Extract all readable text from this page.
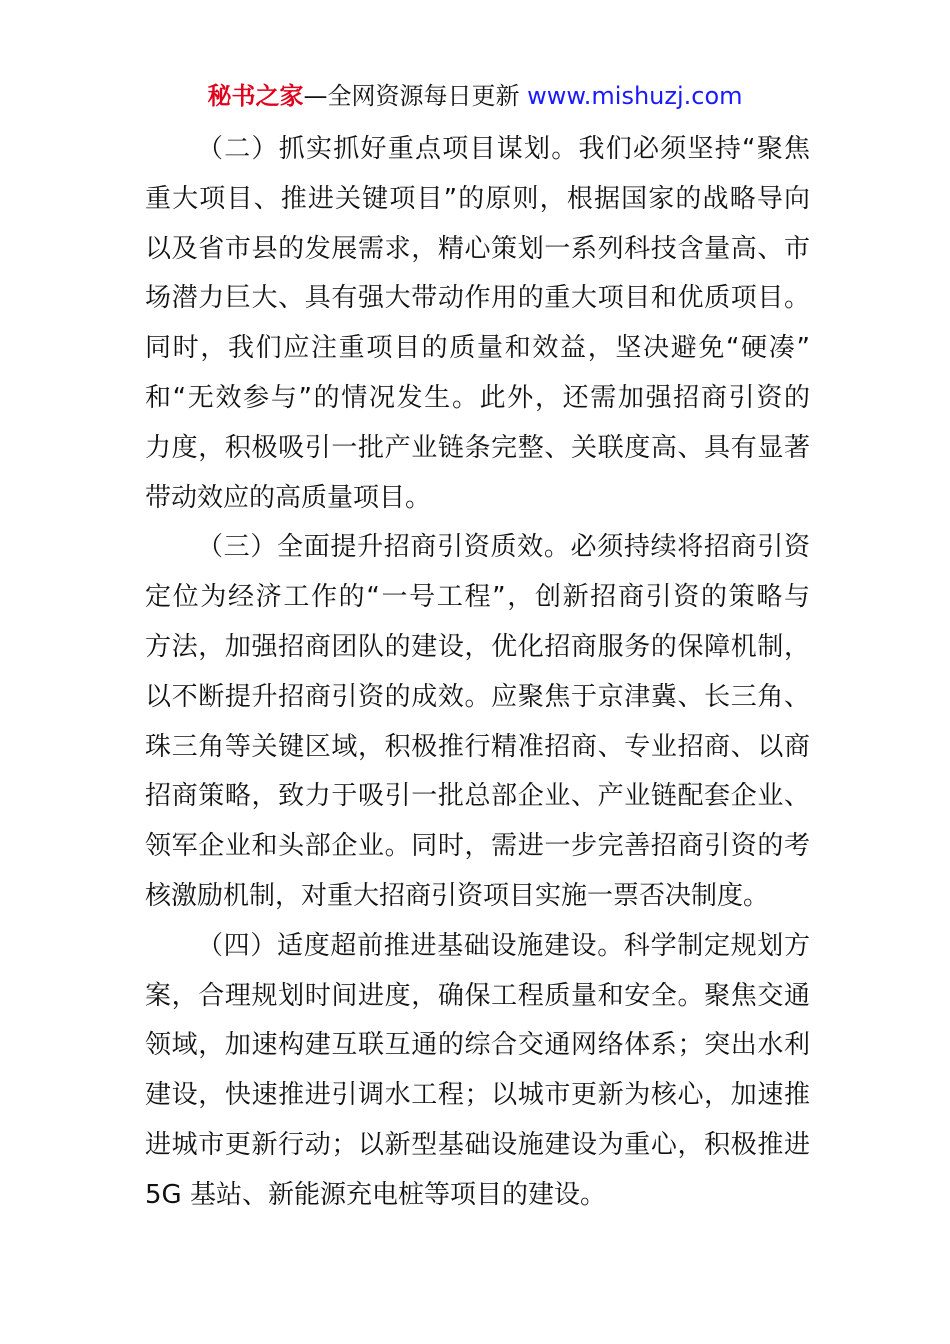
秘书之家—全网资源每日更新 www.mishuzj.com
（二）抓实抓好重点项目谋划。我们必须坚持“聚焦
重大项目、推进关键项目”的原则，根据国家的战略导向
以及省市县的发展需求，精心策划一系列科技含量高、市
场潜力巨大、具有强大带动作用的重大项目和优质项目。
同时，我们应注重项目的质量和效益，坚决避免“硬凑”
和“无效参与”的情况发生。此外，还需加强招商引资的
力度，积极吸引一批产业链条完整、关联度高、具有显著
带动效应的高质量项目。
（三）全面提升招商引资质效。必须持续将招商引资
定位为经济工作的“一号工程”，创新招商引资的策略与
方法，加强招商团队的建设，优化招商服务的保障机制，
以不断提升招商引资的成效。应聚焦于京津冀、长三角、
珠三角等关键区域，积极推行精准招商、专业招商、以商
招商策略，致力于吸引一批总部企业、产业链配套企业、
领军企业和头部企业。同时，需进一步完善招商引资的考
核激励机制，对重大招商引资项目实施一票否决制度。
（四）适度超前推进基础设施建设。科学制定规划方
案，合理规划时间进度，确保工程质量和安全。聚焦交通
领域，加速构建互联互通的综合交通网络体系；突出水利
建设，快速推进引调水工程；以城市更新为核心，加速推
进城市更新行动；以新型基础设施建设为重心，积极推进
5G 基站、新能源充电桩等项目的建设。
